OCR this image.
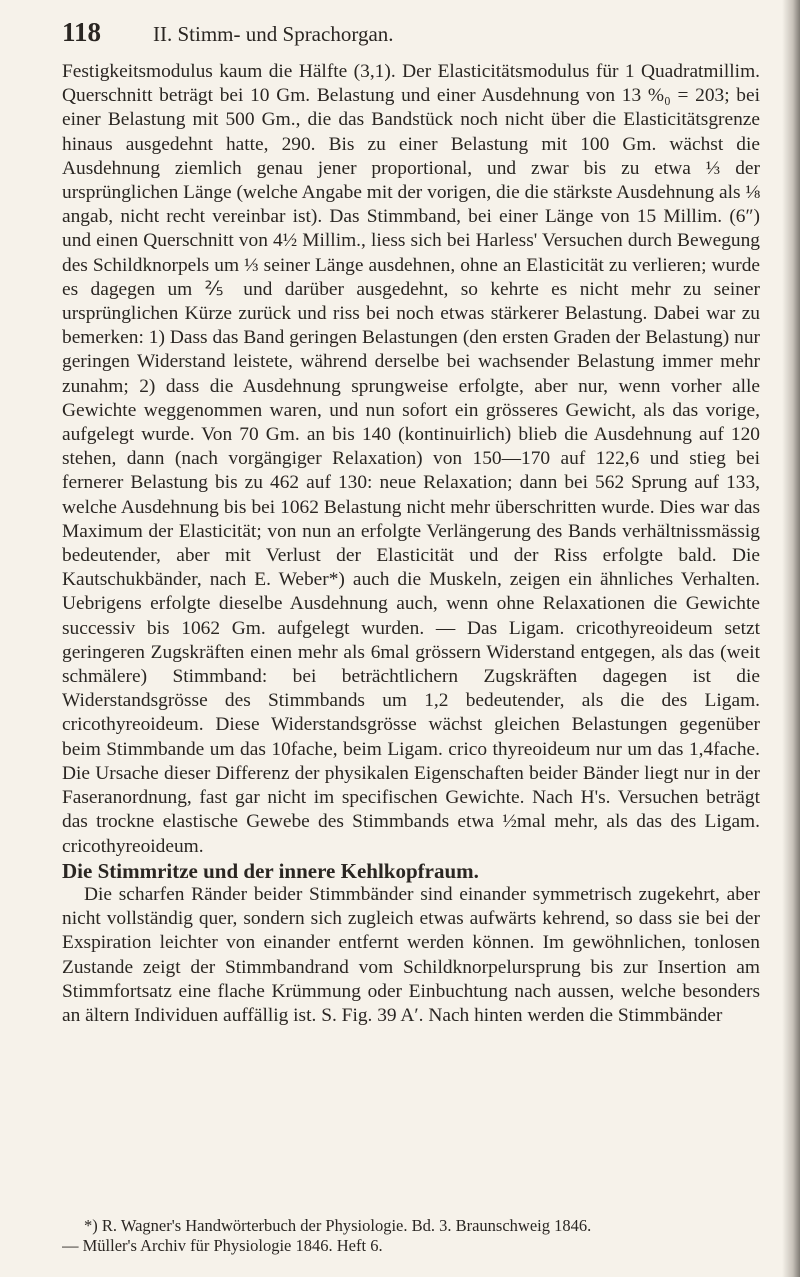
118 II. Stimm- und Sprachorgan.

Festigkeitsmodulus kaum die Hälfte (3,1). Der Elasticitätsmodulus für 1 Quadratmillim. Querschnitt beträgt bei 10 Gm. Belastung und einer Ausdehnung von 13 %₀ = 203; bei einer Belastung mit 500 Gm., die das Bandstück noch nicht über die Elasticitätsgrenze hinaus ausgedehnt hatte, 290. Bis zu einer Belastung mit 100 Gm. wächst die Ausdehnung ziemlich genau jener proportional, und zwar bis zu etwa ⅓ der ursprünglichen Länge (welche Angabe mit der vorigen, die die stärkste Ausdehnung als ⅛ angab, nicht recht vereinbar ist). Das Stimmband, bei einer Länge von 15 Millim. (6″) und einen Querschnitt von 4½ Millim., liess sich bei Harless' Versuchen durch Bewegung des Schildknorpels um ⅓ seiner Länge ausdehnen, ohne an Elasticität zu verlieren; wurde es dagegen um ⅖ und darüber ausgedehnt, so kehrte es nicht mehr zu seiner ursprünglichen Kürze zurück und riss bei noch etwas stärkerer Belastung. Dabei war zu bemerken: 1) Dass das Band geringen Belastungen (den ersten Graden der Belastung) nur geringen Widerstand leistete, während derselbe bei wachsender Belastung immer mehr zunahm; 2) dass die Ausdehnung sprungweise erfolgte, aber nur, wenn vorher alle Gewichte weggenommen waren, und nun sofort ein grösseres Gewicht, als das vorige, aufgelegt wurde. Von 70 Gm. an bis 140 (kontinuirlich) blieb die Ausdehnung auf 120 stehen, dann (nach vorgängiger Relaxation) von 150—170 auf 122,6 und stieg bei fernerer Belastung bis zu 462 auf 130: neue Relaxation; dann bei 562 Sprung auf 133, welche Ausdehnung bis bei 1062 Belastung nicht mehr überschritten wurde. Dies war das Maximum der Elasticität; von nun an erfolgte Verlängerung des Bands verhältnissmässig bedeutender, aber mit Verlust der Elasticität und der Riss erfolgte bald. Die Kautschukbänder, nach E. Weber*) auch die Muskeln, zeigen ein ähnliches Verhalten. Uebrigens erfolgte dieselbe Ausdehnung auch, wenn ohne Relaxationen die Gewichte successiv bis 1062 Gm. aufgelegt wurden. — Das Ligam. cricothyreoideum setzt geringeren Zugskräften einen mehr als 6mal grössern Widerstand entgegen, als das (weit schmälere) Stimmband: bei beträchtlichern Zugskräften dagegen ist die Widerstandsgrösse des Stimmbands um 1,2 bedeutender, als die des Ligam. cricothyreoideum. Diese Widerstandsgrösse wächst gleichen Belastungen gegenüber beim Stimmbande um das 10fache, beim Ligam. crico thyreoideum nur um das 1,4fache. Die Ursache dieser Differenz der physikalen Eigenschaften beider Bänder liegt nur in der Faseranordnung, fast gar nicht im specifischen Gewichte. Nach H's. Versuchen beträgt das trockne elastische Gewebe des Stimmbands etwa ½mal mehr, als das des Ligam. cricothyreoideum.

Die Stimmritze und der innere Kehlkopfraum.

Die scharfen Ränder beider Stimmbänder sind einander symmetrisch zugekehrt, aber nicht vollständig quer, sondern sich zugleich etwas aufwärts kehrend, so dass sie bei der Exspiration leichter von einander entfernt werden können. Im gewöhnlichen, tonlosen Zustande zeigt der Stimmbandrand vom Schildknorpelursprung bis zur Insertion am Stimmfortsatz eine flache Krümmung oder Einbuchtung nach aussen, welche besonders an ältern Individuen auffällig ist. S. Fig. 39 A′. Nach hinten werden die Stimmbänder

*) R. Wagner's Handwörterbuch der Physiologie. Bd. 3. Braunschweig 1846.
— Müller's Archiv für Physiologie 1846. Heft 6.
